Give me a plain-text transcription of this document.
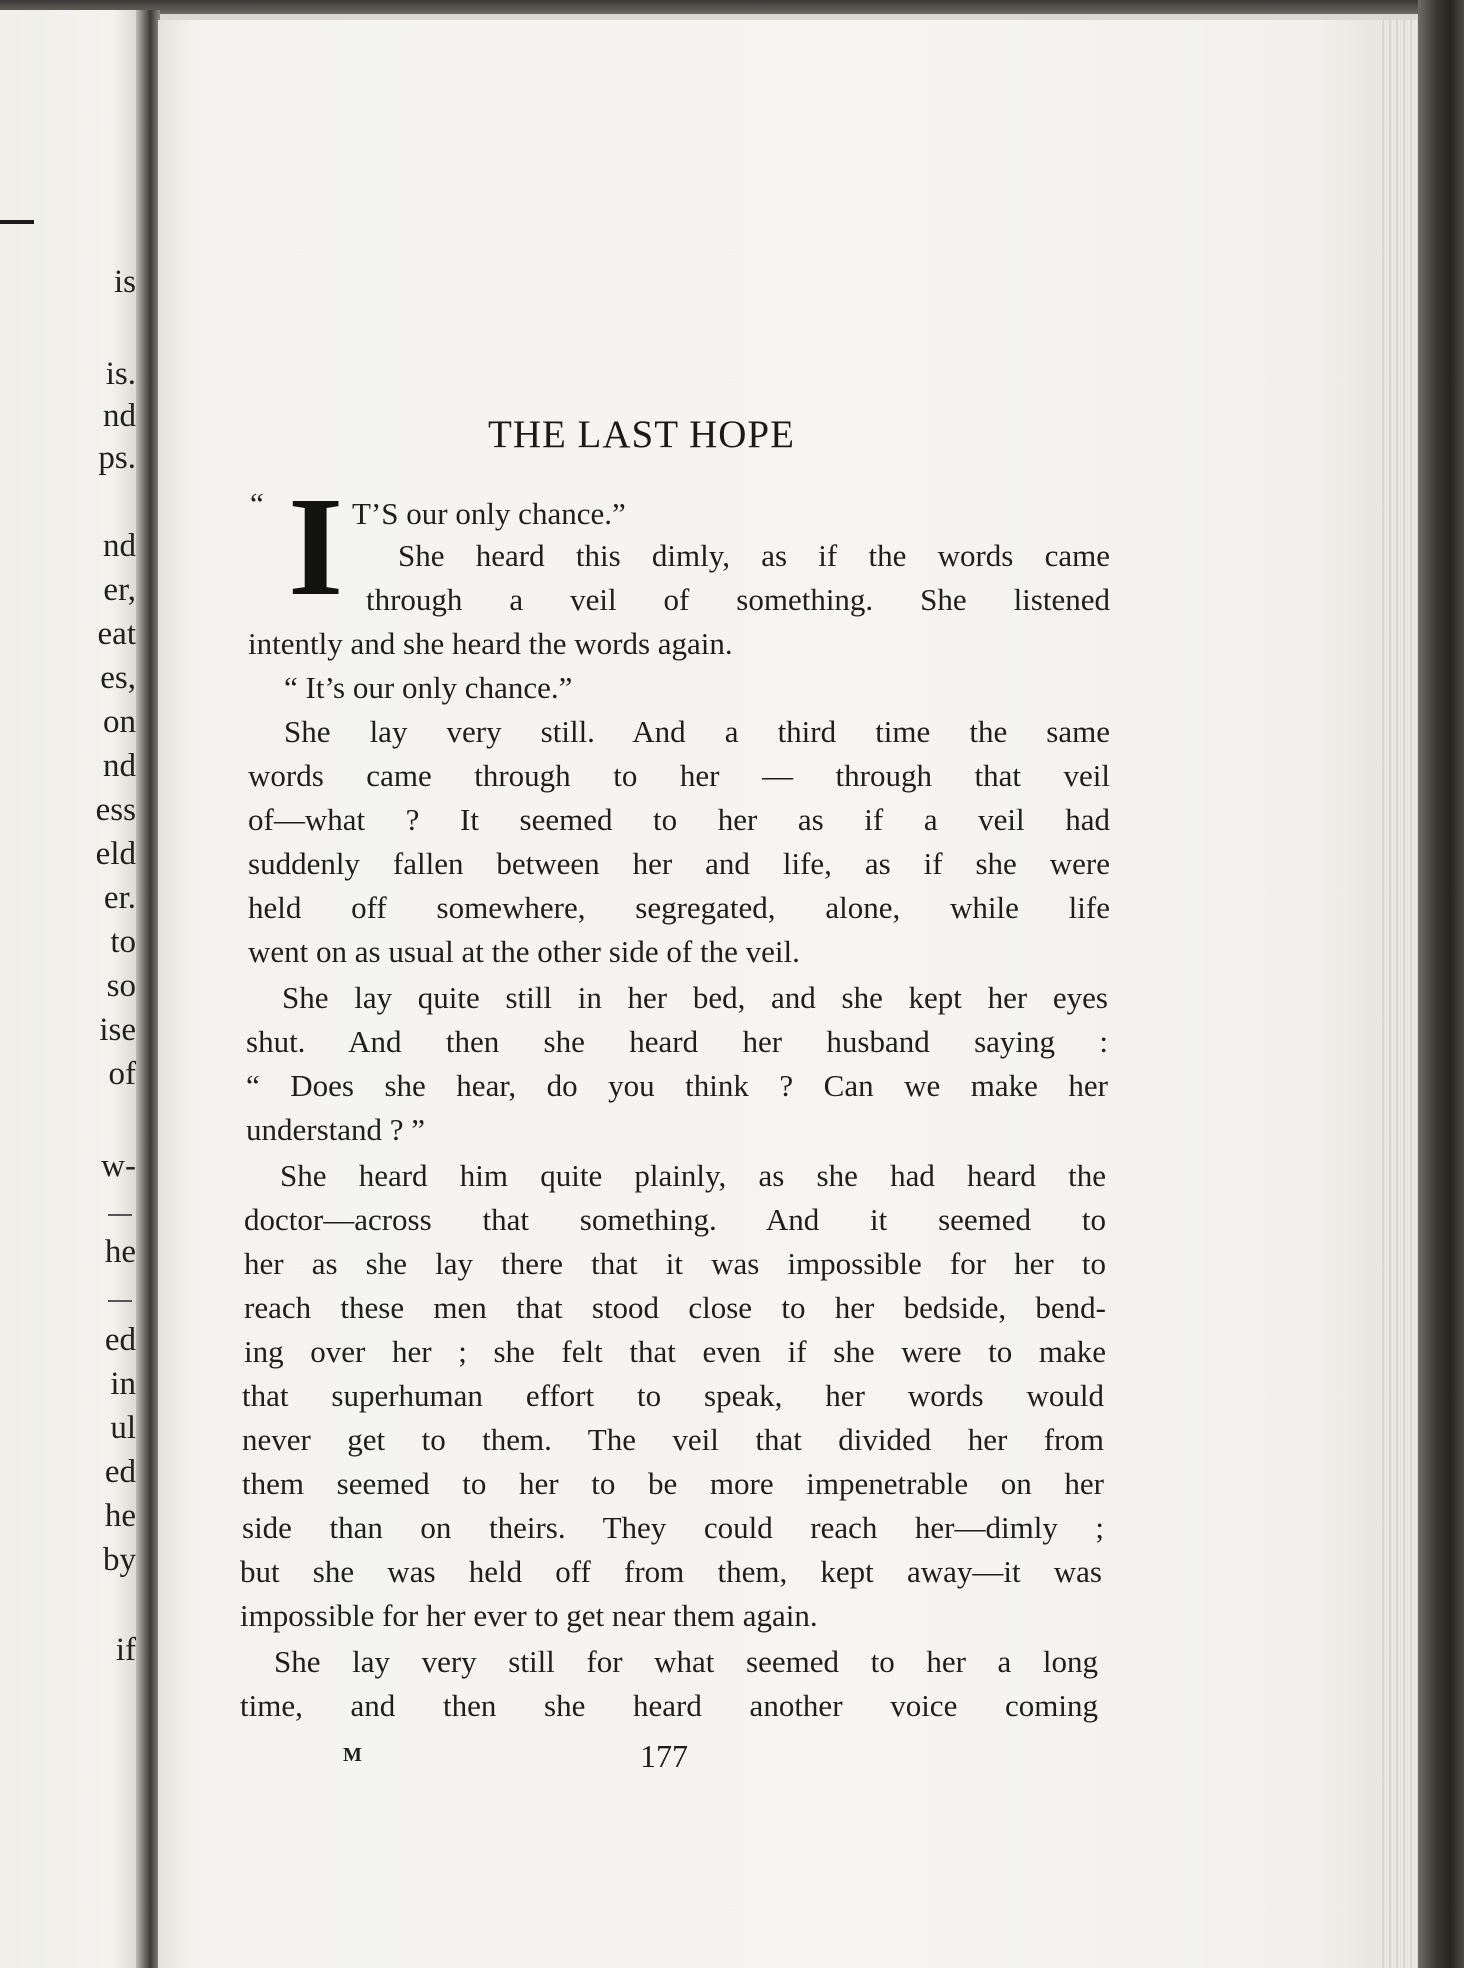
is
is.
nd
ps.
nd
er,
eat
es,
on
nd
ess
eld
er.
to
so
ise
of
w-
he
ed
in
ul
ed
he
by
if
THE LAST HOPE
“ I T’S our only chance.”
She heard this dimly, as if the words came
through a veil of something. She listened
intently and she heard the words again.
“ It’s our only chance.”
She lay very still. And a third time the same
words came through to her — through that veil
of—what ? It seemed to her as if a veil had
suddenly fallen between her and life, as if she were
held off somewhere, segregated, alone, while life
went on as usual at the other side of the veil.
She lay quite still in her bed, and she kept her eyes
shut. And then she heard her husband saying :
“ Does she hear, do you think ? Can we make her
understand ? ”
She heard him quite plainly, as she had heard the
doctor—across that something. And it seemed to
her as she lay there that it was impossible for her to
reach these men that stood close to her bedside, bend-
ing over her ; she felt that even if she were to make
that superhuman effort to speak, her words would
never get to them. The veil that divided her from
them seemed to her to be more impenetrable on her
side than on theirs. They could reach her—dimly ;
but she was held off from them, kept away—it was
impossible for her ever to get near them again.
She lay very still for what seemed to her a long
time, and then she heard another voice coming
M	177
